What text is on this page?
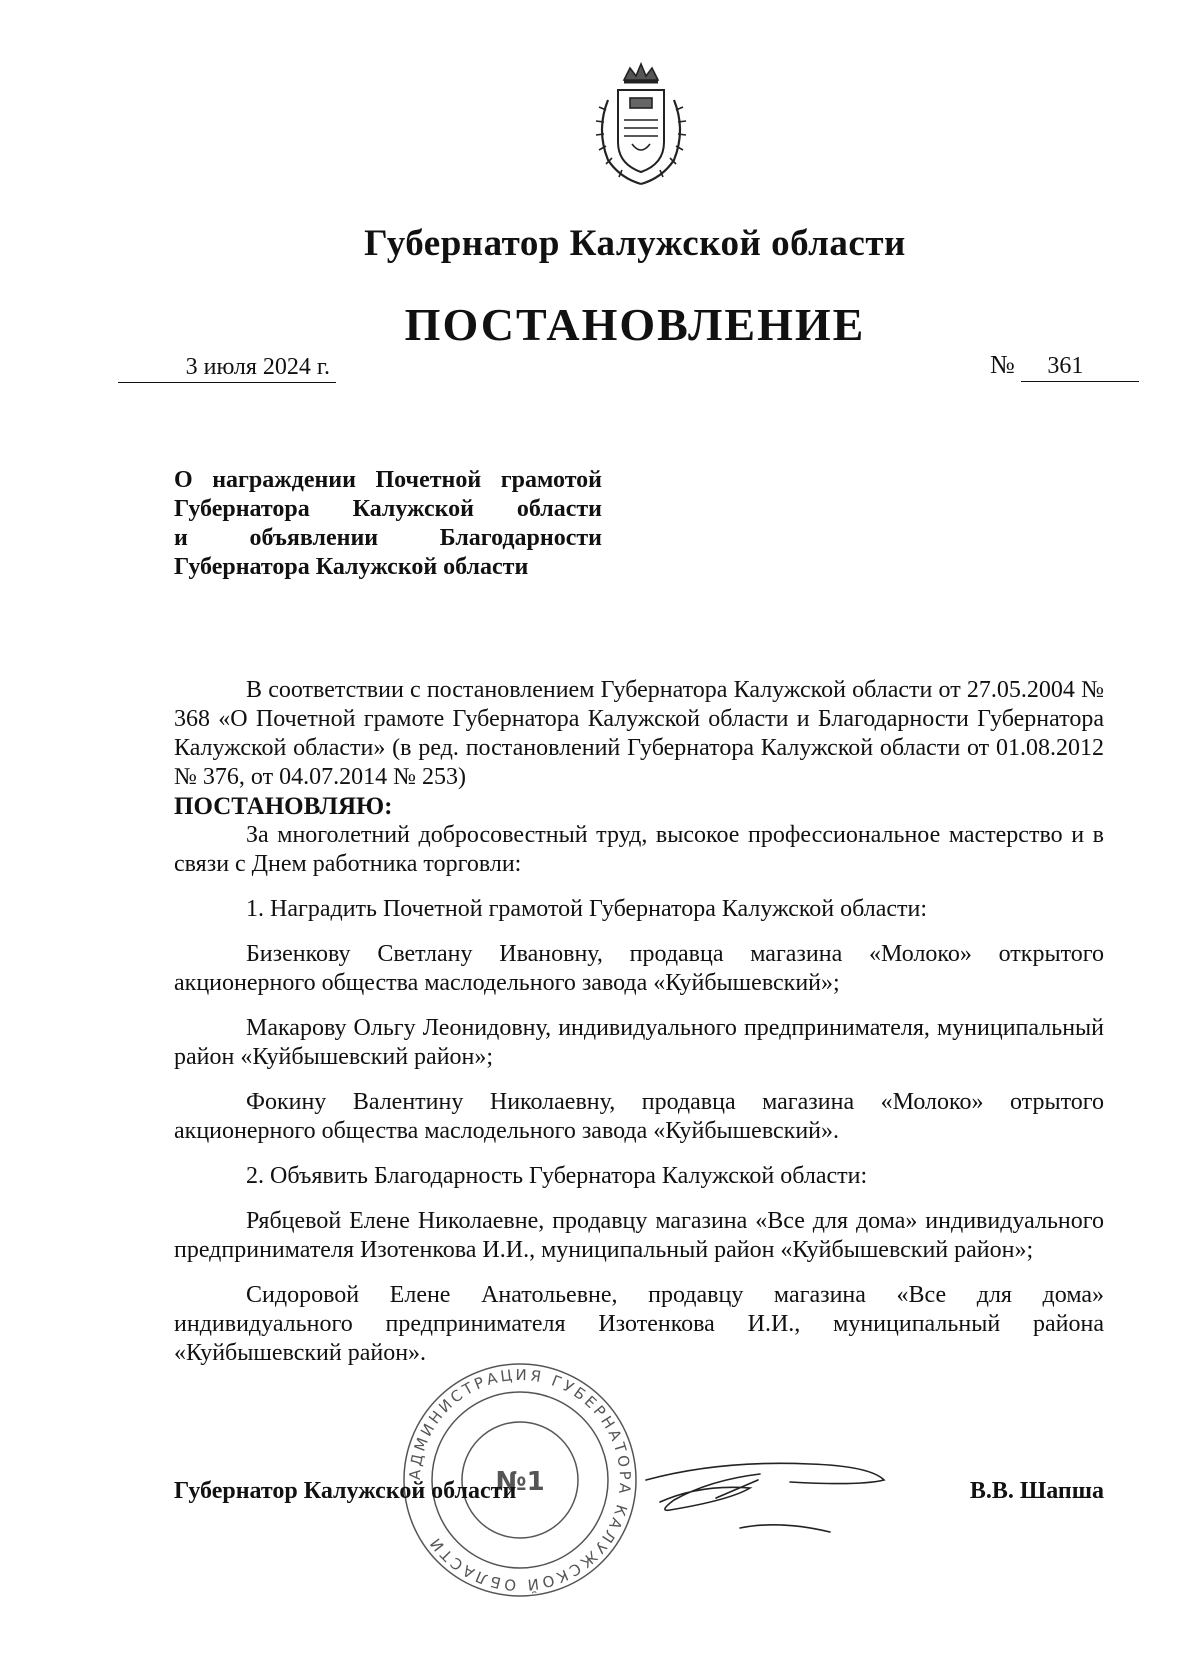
Губернатор Калужской области
ПОСТАНОВЛЕНИЕ
3 июля 2024 г.	№ 361
О награждении Почетной грамотой
Губернатора Калужской области
и объявлении Благодарности
Губернатора Калужской области

В соответствии с постановлением Губернатора Калужской области от 27.05.2004 № 368 «О Почетной грамоте Губернатора Калужской области и Благодарности Губернатора Калужской области» (в ред. постановлений Губернатора Калужской области от 01.08.2012 № 376, от 04.07.2014 № 253)

ПОСТАНОВЛЯЮ:

За многолетний добросовестный труд, высокое профессиональное мастерство и в связи с Днем работника торговли:

1. Наградить Почетной грамотой Губернатора Калужской области:

Бизенкову Светлану Ивановну, продавца магазина «Молоко» открытого акционерного общества маслодельного завода «Куйбышевский»;

Макарову Ольгу Леонидовну, индивидуального предпринимателя, муниципальный район «Куйбышевский район»;

Фокину Валентину Николаевну, продавца магазина «Молоко» отрытого акционерного общества маслодельного завода «Куйбышевский».

2. Объявить Благодарность Губернатора Калужской области:

Рябцевой Елене Николаевне, продавцу магазина «Все для дома» индивидуального предпринимателя Изотенкова И.И., муниципальный район «Куйбышевский район»;

Сидоровой Елене Анатольевне, продавцу магазина «Все для дома» индивидуального предпринимателя Изотенкова И.И., муниципальный района «Куйбышевский район».

АДМИНИСТРАЦИЯ ГУБЕРНАТОРА КАЛУЖСКОЙ ОБЛАСТИ
№1
Губернатор Калужской области	В.В. Шапша
